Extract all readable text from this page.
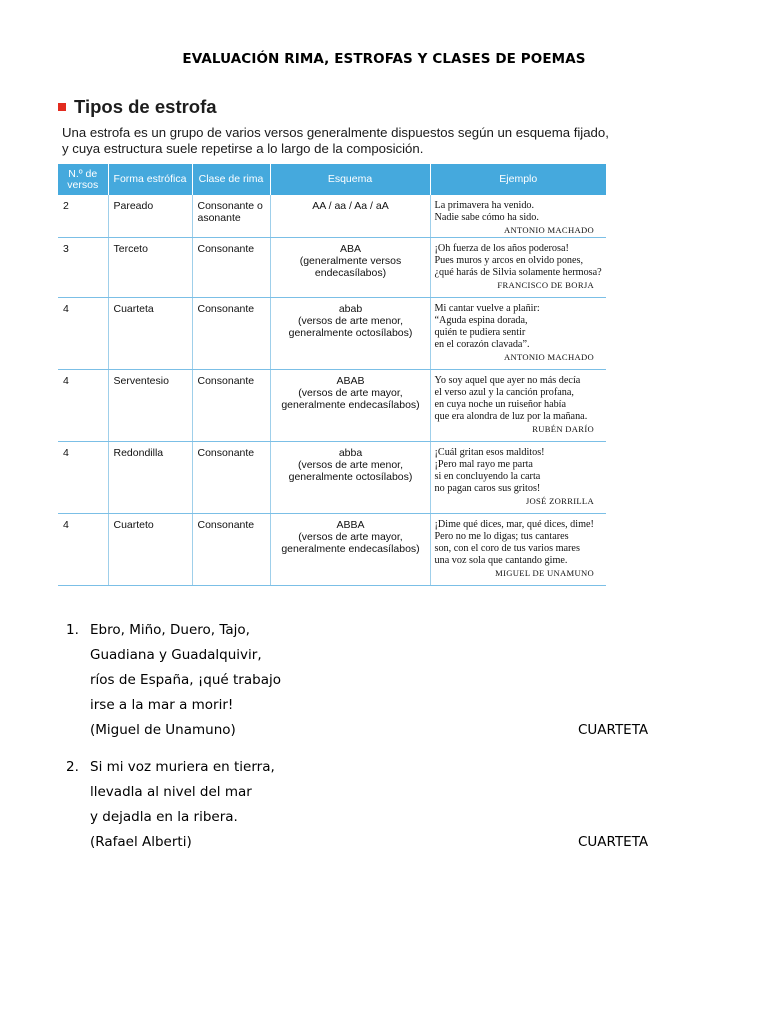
EVALUACIÓN RIMA, ESTROFAS Y CLASES DE POEMAS
Tipos de estrofa
Una estrofa es un grupo de varios versos generalmente dispuestos según un esquema fijado, y cuya estructura suele repetirse a lo largo de la composición.
N.º de versos	Forma estrófica	Clase de rima	Esquema	Ejemplo
2	Pareado	Consonante o asonante	AA / aa / Aa / aA	La primavera ha venido.
Nadie sabe cómo ha sido.
ANTONIO MACHADO

3	Terceto	Consonante	ABA
(generalmente versos endecasílabos)	¡Oh fuerza de los años poderosa!
Pues muros y arcos en olvido pones,
¿qué harás de Silvia solamente hermosa?
FRANCISCO DE BORJA

4	Cuarteta	Consonante	abab
(versos de arte menor, generalmente octosílabos)	Mi cantar vuelve a plañir:
“Aguda espina dorada,
quién te pudiera sentir
en el corazón clavada”.
ANTONIO MACHADO

4	Serventesio	Consonante	ABAB
(versos de arte mayor, generalmente endecasílabos)	Yo soy aquel que ayer no más decía
el verso azul y la canción profana,
en cuya noche un ruiseñor había
que era alondra de luz por la mañana.
RUBÉN DARÍO

4	Redondilla	Consonante	abba
(versos de arte menor, generalmente octosílabos)	¡Cuál gritan esos malditos!
¡Pero mal rayo me parta
si en concluyendo la carta
no pagan caros sus gritos!
JOSÉ ZORRILLA

4	Cuarteto	Consonante	ABBA
(versos de arte mayor, generalmente endecasílabos)	¡Dime qué dices, mar, qué dices, dime!
Pero no me lo digas; tus cantares
son, con el coro de tus varios mares
una voz sola que cantando gime.
MIGUEL DE UNAMUNO
1. Ebro, Miño, Duero, Tajo,
Guadiana y Guadalquivir,
ríos de España, ¡qué trabajo
irse a la mar a morir!
(Miguel de Unamuno)	CUARTETA
2. Si mi voz muriera en tierra,
llevadla al nivel del mar
y dejadla en la ribera.
(Rafael Alberti)	CUARTETA
